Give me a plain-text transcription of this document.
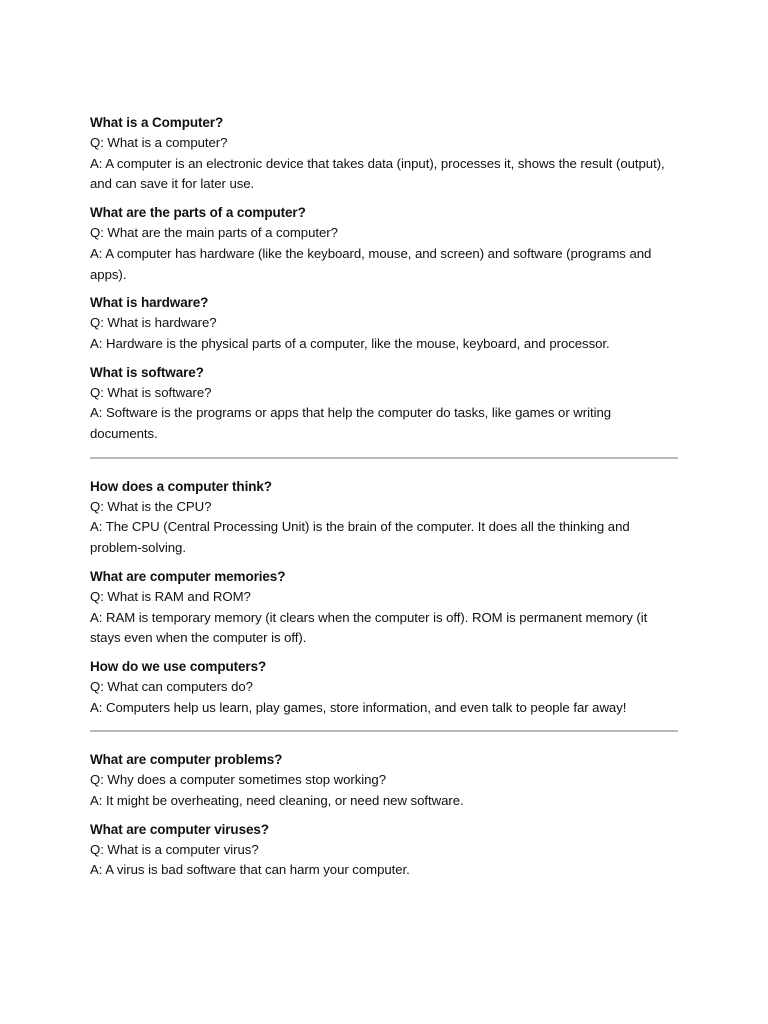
What is a Computer?

Q: What is a computer?

A: A computer is an electronic device that takes data (input), processes it, shows the result (output), and can save it for later use.

What are the parts of a computer?

Q: What are the main parts of a computer?

A: A computer has hardware (like the keyboard, mouse, and screen) and software (programs and apps).

What is hardware?

Q: What is hardware?

A: Hardware is the physical parts of a computer, like the mouse, keyboard, and processor.

What is software?

Q: What is software?

A: Software is the programs or apps that help the computer do tasks, like games or writing documents.

How does a computer think?

Q: What is the CPU?

A: The CPU (Central Processing Unit) is the brain of the computer. It does all the thinking and problem-solving.

What are computer memories?

Q: What is RAM and ROM?

A: RAM is temporary memory (it clears when the computer is off). ROM is permanent memory (it stays even when the computer is off).

How do we use computers?

Q: What can computers do?

A: Computers help us learn, play games, store information, and even talk to people far away!

What are computer problems?

Q: Why does a computer sometimes stop working?

A: It might be overheating, need cleaning, or need new software.

What are computer viruses?

Q: What is a computer virus?

A: A virus is bad software that can harm your computer.
